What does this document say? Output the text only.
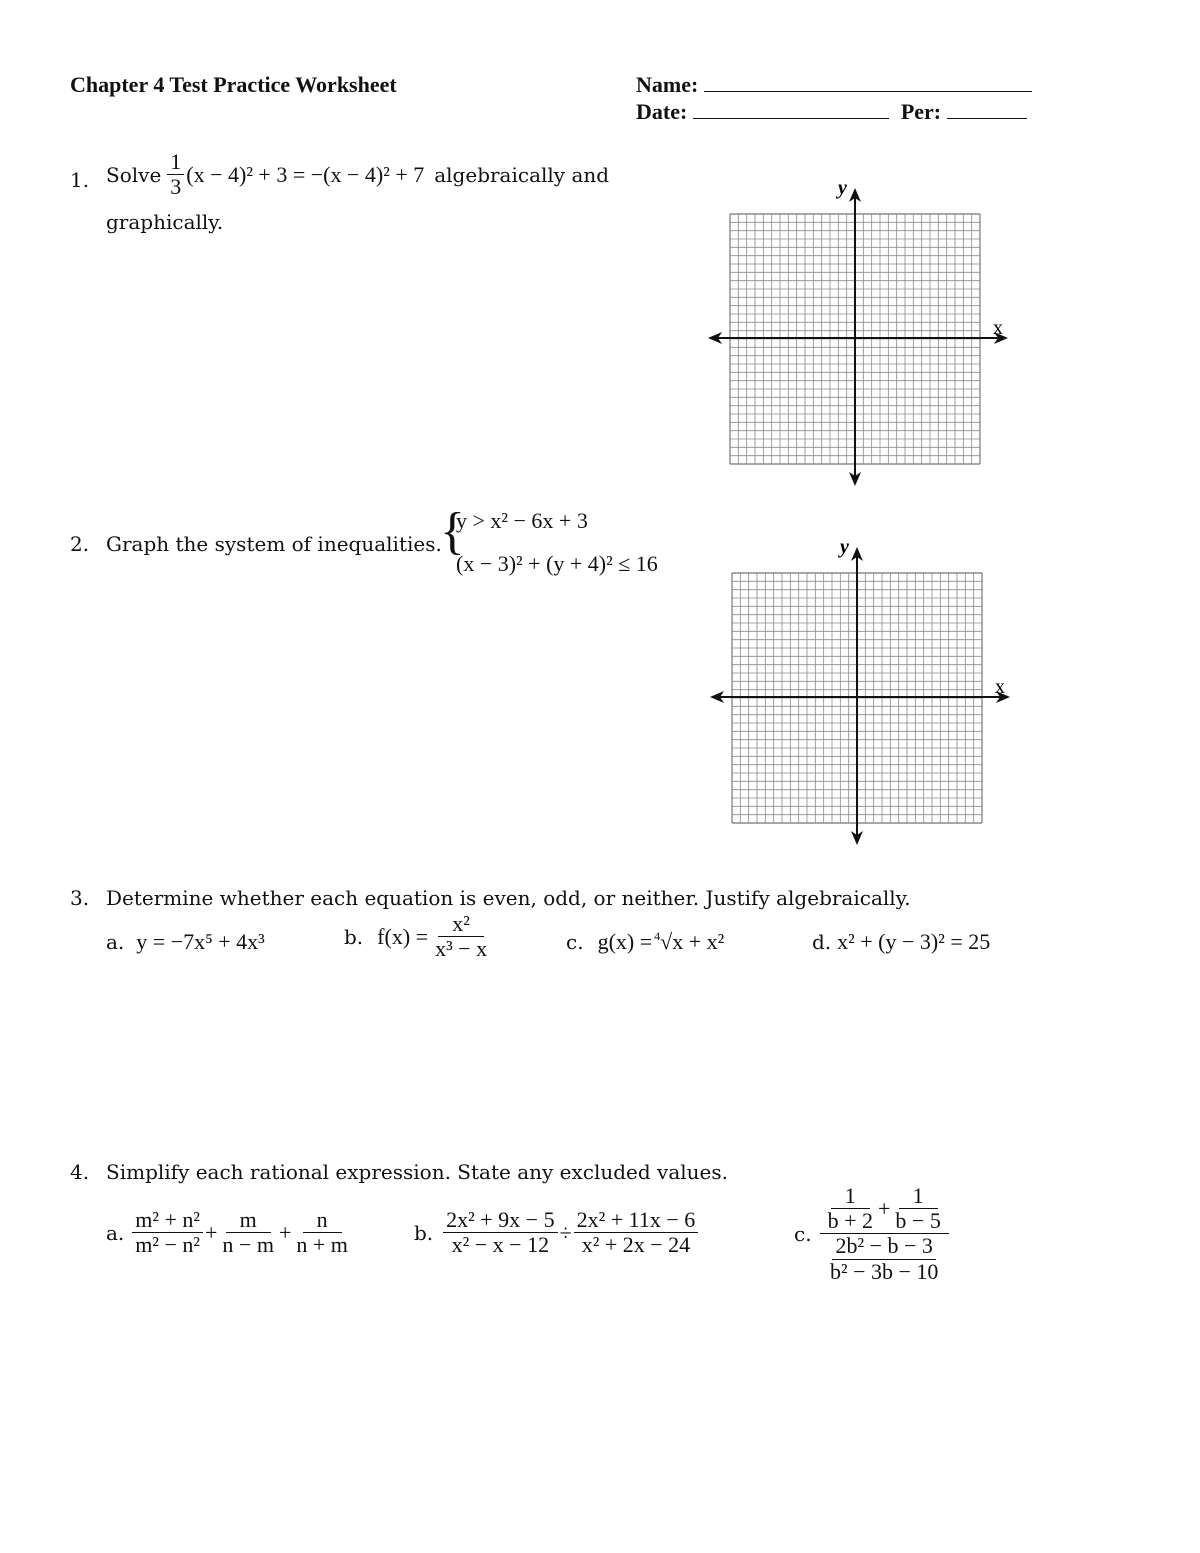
Chapter 4 Test Practice Worksheet	Name:
Date:	Per:
1. Solve $\frac{1}{3} (x - 4)^2 + 3 = -(x - 4)^2 + 7$ algebraically and
graphically.
x
y
2. Graph the system of inequalities.
{
y > x² − 6x + 3
(x − 3)² + (y + 4)² ≤ 16
x
y
3. Determine whether each equation is even, odd, or neither. Justify algebraically.
a. y = −7x⁵ + 4x³	b. $f(x) = \frac{\text{x²}}{\text{x³ − x}}$	c. g(x) = 4 √x + x²	d. x² + (y − 3)² = 25
4. Simplify each rational expression. State any excluded values.
a. $\frac{\text{m² + n²}}{\text{m² − n²}} + \frac{m}{n - m} + \frac{n}{n + m}$	b. $\frac{\text{2x² + 9x − 5}}{\text{x² − x − 12}} \div \frac{\text{2x² + 11x − 6}}{\text{x² + 2x − 24}}$	c.
$\frac{1}{b + 2} + \frac{1}{b - 5}$
$\frac{\text{2b² − b − 3}}{\text{b² − 3b − 10}}$
